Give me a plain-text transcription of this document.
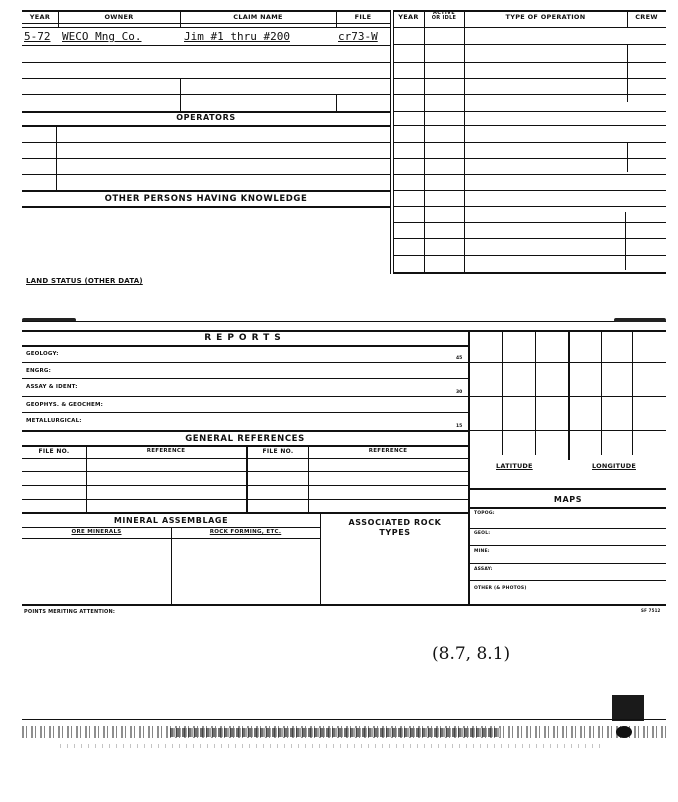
YEAR	OWNER	CLAIM NAME	FILE	YEAR	ACTIVE OR IDLE	TYPE OF OPERATION	CREW
5-72 WECO Mng Co.	Jim #1 thru #200	cr73-W
OPERATORS
OTHER PERSONS HAVING KNOWLEDGE
LAND STATUS (OTHER DATA)
REPORTS
GEOLOGY:
45
ENGRG:
ASSAY & IDENT:
30
GEOPHYS. & GEOCHEM:
METALLURGICAL:
15
GENERAL REFERENCES
FILE NO.	REFERENCE	FILE NO.	REFERENCE
MINERAL ASSEMBLAGE
ORE MINERALS	ROCK FORMING, ETC.
ASSOCIATED ROCK TYPES
LATITUDE	LONGITUDE
MAPS
TOPOG:
GEOL:
MINE:
ASSAY:
OTHER (& PHOTOS)
POINTS MERITING ATTENTION:	SF 7512
(8.7, 8.1)
